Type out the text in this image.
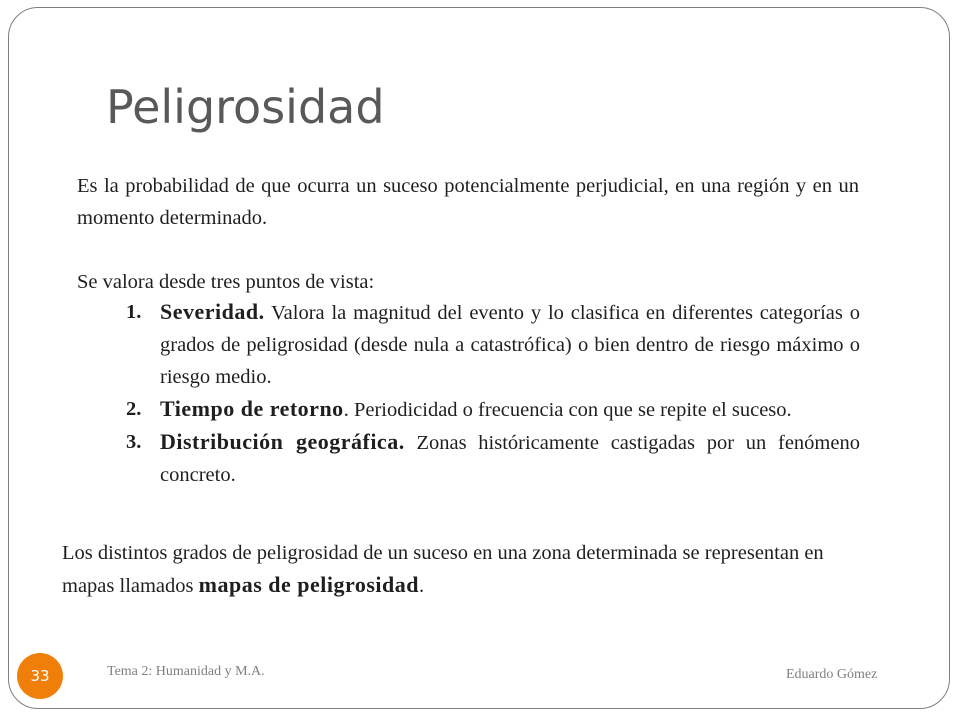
Peligrosidad

Es la probabilidad de que ocurra un suceso potencialmente perjudicial, en una región y en un momento determinado.

Se valora desde tres puntos de vista:

1. Severidad. Valora la magnitud del evento y lo clasifica en diferentes categorías o grados de peligrosidad (desde nula a catastrófica) o bien dentro de riesgo máximo o riesgo medio.
2. Tiempo de retorno. Periodicidad o frecuencia con que se repite el suceso.
3. Distribución geográfica. Zonas históricamente castigadas por un fenómeno concreto.

Los distintos grados de peligrosidad de un suceso en una zona determinada se representan en mapas llamados mapas de peligrosidad.

33	Tema 2: Humanidad y M.A.	Eduardo Gómez
